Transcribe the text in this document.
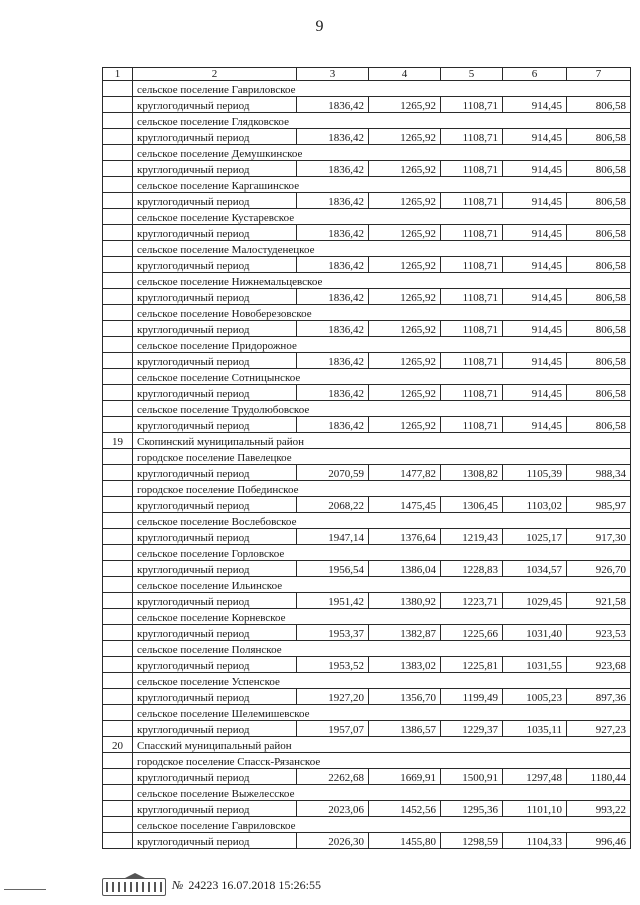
9
1	2	3	4	5	6	7
	сельское поселение Гавриловское					
	круглогодичный период	1836,42	1265,92	1108,71	914,45	806,58
	сельское поселение Глядковское					
	круглогодичный период	1836,42	1265,92	1108,71	914,45	806,58
	сельское поселение Демушкинское					
	круглогодичный период	1836,42	1265,92	1108,71	914,45	806,58
	сельское поселение Каргашинское					
	круглогодичный период	1836,42	1265,92	1108,71	914,45	806,58
	сельское поселение Кустаревское					
	круглогодичный период	1836,42	1265,92	1108,71	914,45	806,58
	сельское поселение Малостуденецкое					
	круглогодичный период	1836,42	1265,92	1108,71	914,45	806,58
	сельское поселение Нижнемальцевское					
	круглогодичный период	1836,42	1265,92	1108,71	914,45	806,58
	сельское поселение Новоберезовское					
	круглогодичный период	1836,42	1265,92	1108,71	914,45	806,58
	сельское поселение Придорожное					
	круглогодичный период	1836,42	1265,92	1108,71	914,45	806,58
	сельское поселение Сотницынское					
	круглогодичный период	1836,42	1265,92	1108,71	914,45	806,58
	сельское поселение Трудолюбовское					
	круглогодичный период	1836,42	1265,92	1108,71	914,45	806,58
19	Скопинский муниципальный район					
	городское поселение Павелецкое					
	круглогодичный период	2070,59	1477,82	1308,82	1105,39	988,34
	городское поселение Побединское					
	круглогодичный период	2068,22	1475,45	1306,45	1103,02	985,97
	сельское поселение Вослебовское					
	круглогодичный период	1947,14	1376,64	1219,43	1025,17	917,30
	сельское поселение Горловское					
	круглогодичный период	1956,54	1386,04	1228,83	1034,57	926,70
	сельское поселение Ильинское					
	круглогодичный период	1951,42	1380,92	1223,71	1029,45	921,58
	сельское поселение Корневское					
	круглогодичный период	1953,37	1382,87	1225,66	1031,40	923,53
	сельское поселение Полянское					
	круглогодичный период	1953,52	1383,02	1225,81	1031,55	923,68
	сельское поселение Успенское					
	круглогодичный период	1927,20	1356,70	1199,49	1005,23	897,36
	сельское поселение Шелемишевское					
	круглогодичный период	1957,07	1386,57	1229,37	1035,11	927,23
20	Спасский муниципальный район					
	городское поселение Спасск-Рязанское					
	круглогодичный период	2262,68	1669,91	1500,91	1297,48	1180,44
	сельское поселение Выжелесское					
	круглогодичный период	2023,06	1452,56	1295,36	1101,10	993,22
	сельское поселение Гавриловское					
	круглогодичный период	2026,30	1455,80	1298,59	1104,33	996,46
№ 24223 16.07.2018 15:26:55
